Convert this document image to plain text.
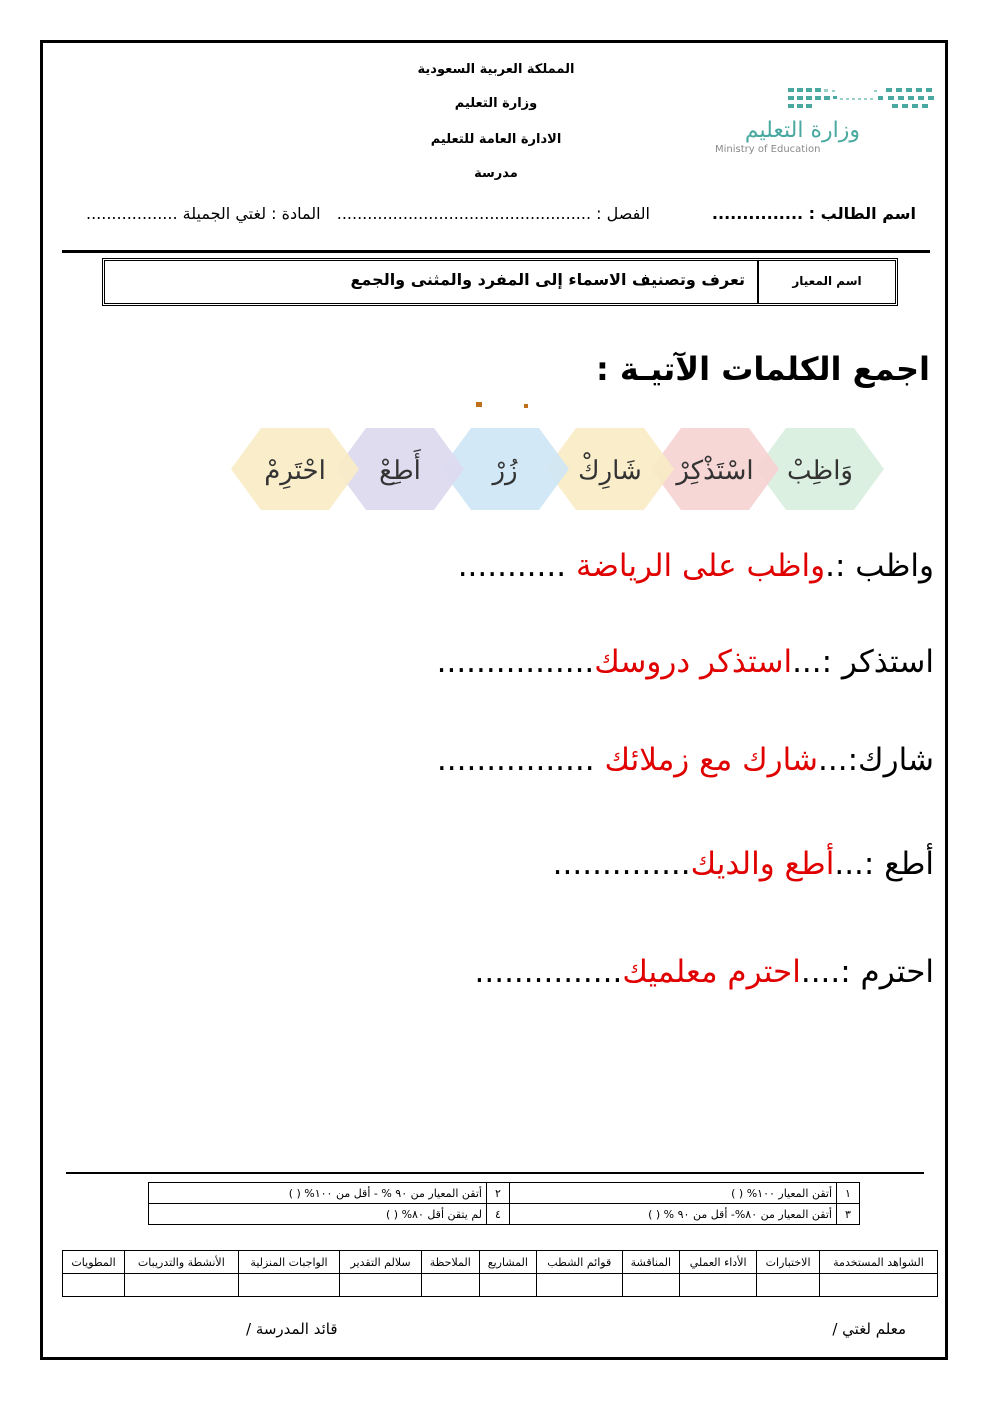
المملكة العربية السعودية
وزارة التعليم
الادارة العامة للتعليم
مدرسة
وزارة التعليم
Ministry of Education
اسم الطالب : ...............
الفصل : ..................................................
المادة : لغتي الجميلة ..................
اسم المعيار
تعرف وتصنيف الاسماء إلى المفرد والمثنى والجمع
اجمع الكلمات الآتيـة :
وَاظِبْ
اسْتَذْكِرْ
شَارِكْ
زُرْ
أَطِعْ
احْتَرِمْ
واظب :.واظب على الرياضة ...........
استذكر :...استذكر دروسك................
شارك:...شارك مع زملائك ................
أطع :...أطع والديك..............
احترم :....احترم معلميك...............
١	أتقن المعيار ١٠٠% ( )	٢	أتقن المعيار من ٩٠ % - أقل من ١٠٠% ( )
٣	أتقن المعيار من ٨٠%- أقل من ٩٠ % ( )	٤	لم يتقن أقل ٨٠% ( )
الشواهد المستخدمة	الاختبارات	الأداء العملي	المناقشة	قوائم الشطب	المشاريع	الملاحظة	سلالم التقدير	الواجبات المنزلية	الأنشطة والتدريبات	المطويات

معلم لغتي /
قائد المدرسة /
